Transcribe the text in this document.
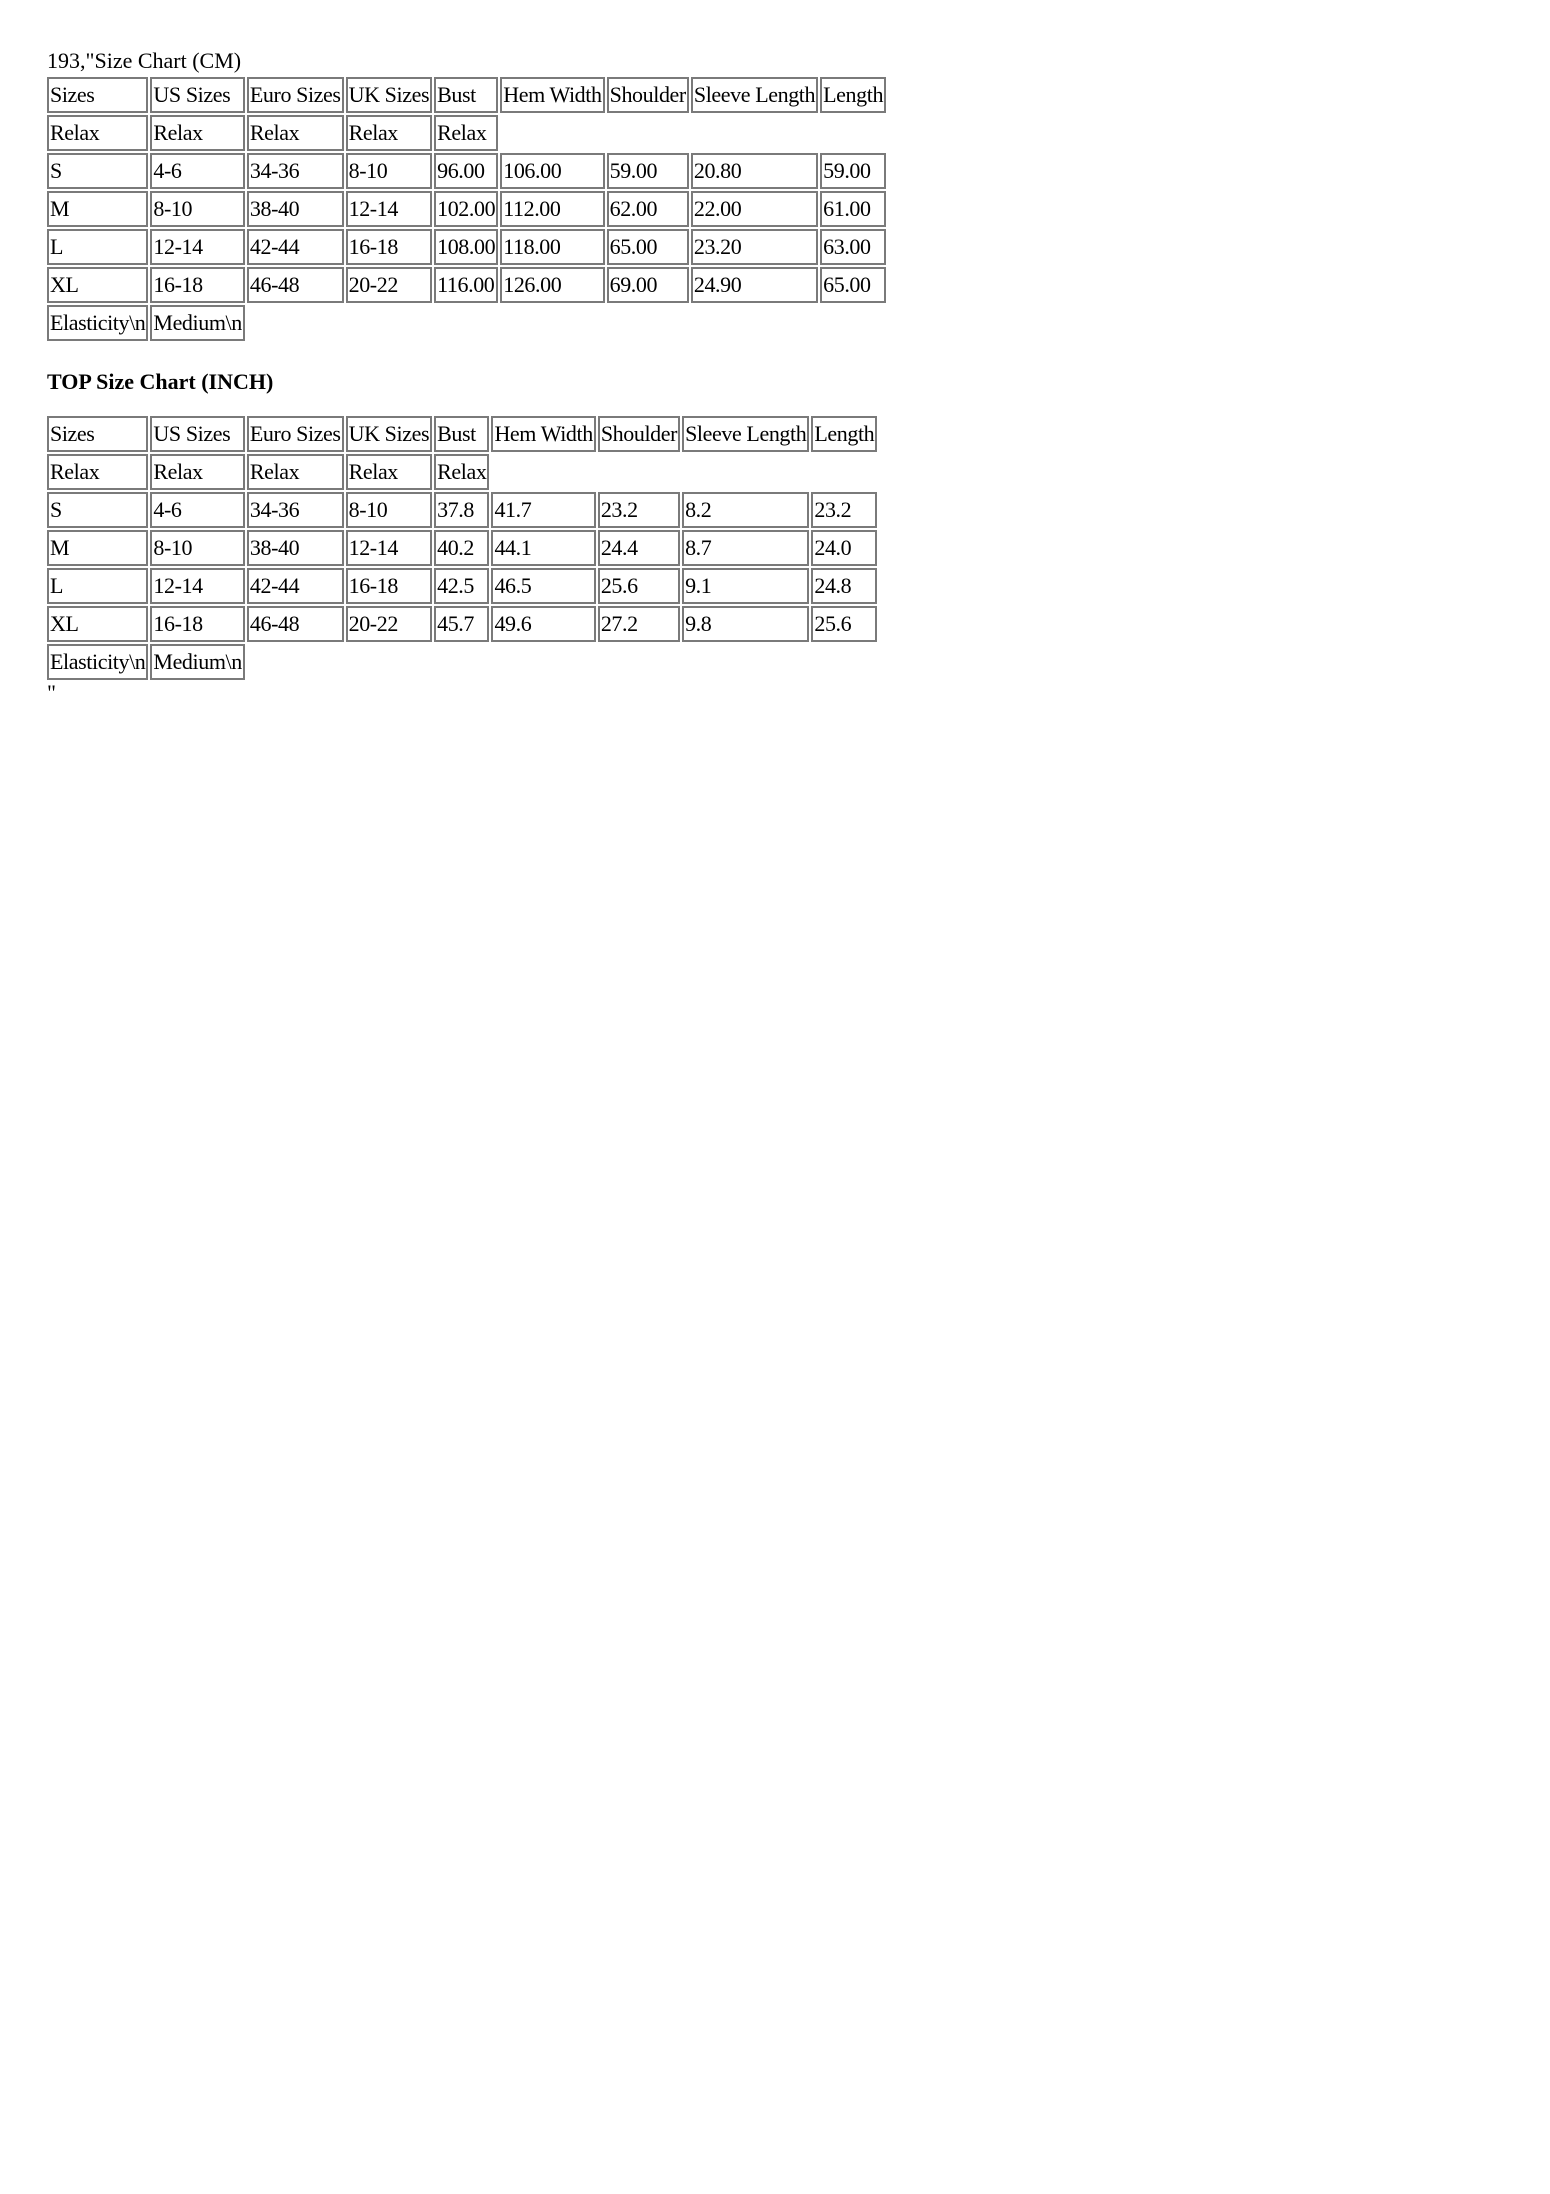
193,"Size Chart (CM)
Sizes	US Sizes	Euro Sizes	UK Sizes	Bust	Hem Width	Shoulder	Sleeve Length	Length
Relax	Relax	Relax	Relax	Relax				
S	4-6	34-36	8-10	96.00	106.00	59.00	20.80	59.00
M	8-10	38-40	12-14	102.00	112.00	62.00	22.00	61.00
L	12-14	42-44	16-18	108.00	118.00	65.00	23.20	63.00
XL	16-18	46-48	20-22	116.00	126.00	69.00	24.90	65.00
Elasticity\n	Medium\n							
TOP Size Chart (INCH)
Sizes	US Sizes	Euro Sizes	UK Sizes	Bust	Hem Width	Shoulder	Sleeve Length	Length
Relax	Relax	Relax	Relax	Relax				
S	4-6	34-36	8-10	37.8	41.7	23.2	8.2	23.2
M	8-10	38-40	12-14	40.2	44.1	24.4	8.7	24.0
L	12-14	42-44	16-18	42.5	46.5	25.6	9.1	24.8
XL	16-18	46-48	20-22	45.7	49.6	27.2	9.8	25.6
Elasticity\n	Medium\n							
"
